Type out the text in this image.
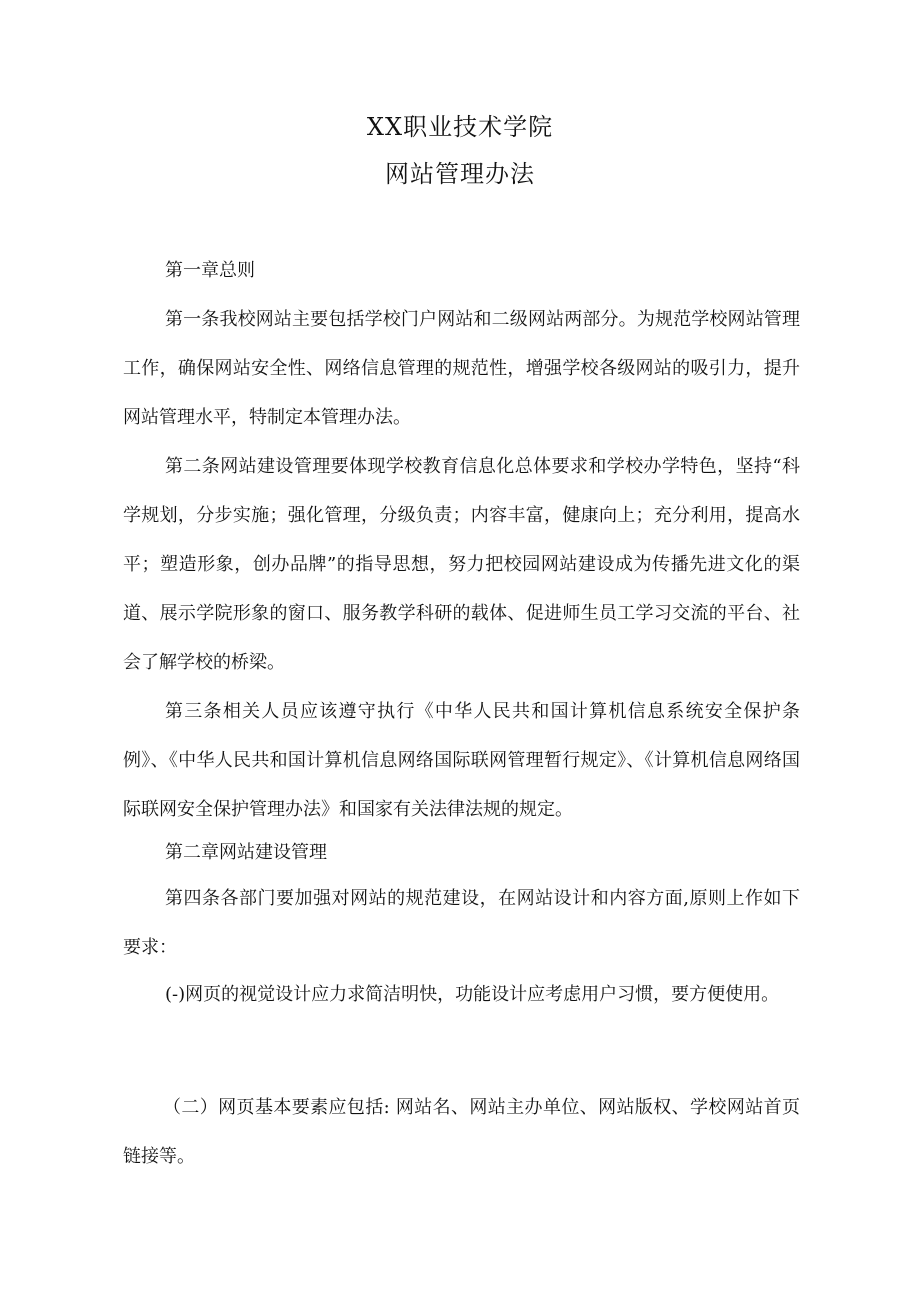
XX职业技术学院
网站管理办法

第一章总则

第一条我校网站主要包括学校门户网站和二级网站两部分。为规范学校网站管理工作，确保网站安全性、网络信息管理的规范性，增强学校各级网站的吸引力，提升网站管理水平，特制定本管理办法。

第二条网站建设管理要体现学校教育信息化总体要求和学校办学特色，坚持“科学规划，分步实施；强化管理，分级负责；内容丰富，健康向上；充分利用，提高水平；塑造形象，创办品牌”的指导思想，努力把校园网站建设成为传播先进文化的渠道、展示学院形象的窗口、服务教学科研的载体、促进师生员工学习交流的平台、社会了解学校的桥梁。

第三条相关人员应该遵守执行《中华人民共和国计算机信息系统安全保护条例》、《中华人民共和国计算机信息网络国际联网管理暂行规定》、《计算机信息网络国际联网安全保护管理办法》和国家有关法律法规的规定。

第二章网站建设管理

第四条各部门要加强对网站的规范建设，在网站设计和内容方面,原则上作如下要求：

(-)网页的视觉设计应力求简洁明快，功能设计应考虑用户习惯，要方便使用。

（二）网页基本要素应包括: 网站名、网站主办单位、网站版权、学校网站首页链接等。
